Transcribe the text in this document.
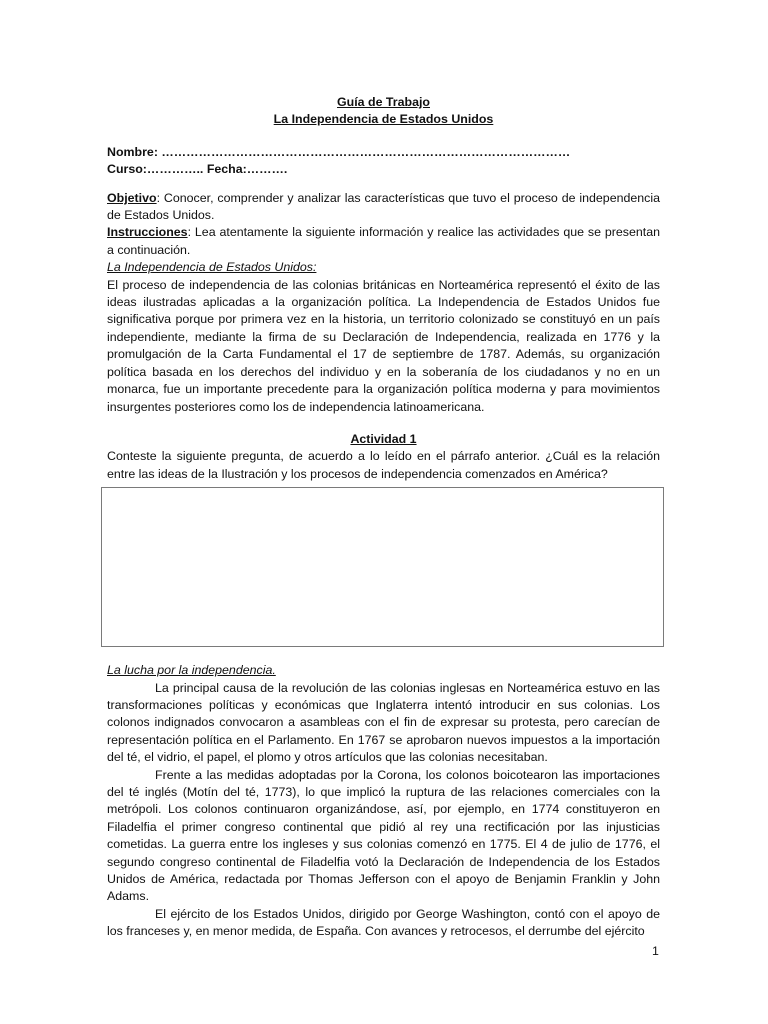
Guía de Trabajo

La Independencia de Estados Unidos

Nombre: ……………………………………………………………………………………… Curso:………….. Fecha:……….

Objetivo: Conocer, comprender y analizar las características que tuvo el proceso de independencia de Estados Unidos.

Instrucciones: Lea atentamente la siguiente información y realice las actividades que se presentan a continuación.

La Independencia de Estados Unidos:

El proceso de independencia de las colonias británicas en Norteamérica representó el éxito de las ideas ilustradas aplicadas a la organización política. La Independencia de Estados Unidos fue significativa porque por primera vez en la historia, un territorio colonizado se constituyó en un país independiente, mediante la firma de su Declaración de Independencia, realizada en 1776 y la promulgación de la Carta Fundamental el 17 de septiembre de 1787. Además, su organización política basada en los derechos del individuo y en la soberanía de los ciudadanos y no en un monarca, fue un importante precedente para la organización política moderna y para movimientos insurgentes posteriores como los de independencia latinoamericana.

Actividad 1

Conteste la siguiente pregunta, de acuerdo a lo leído en el párrafo anterior. ¿Cuál es la relación entre las ideas de la Ilustración y los procesos de independencia comenzados en América?

La lucha por la independencia.

La principal causa de la revolución de las colonias inglesas en Norteamérica estuvo en las transformaciones políticas y económicas que Inglaterra intentó introducir en sus colonias. Los colonos indignados convocaron a asambleas con el fin de expresar su protesta, pero carecían de representación política en el Parlamento. En 1767 se aprobaron nuevos impuestos a la importación del té, el vidrio, el papel, el plomo y otros artículos que las colonias necesitaban.

Frente a las medidas adoptadas por la Corona, los colonos boicotearon las importaciones del té inglés (Motín del té, 1773), lo que implicó la ruptura de las relaciones comerciales con la metrópoli. Los colonos continuaron organizándose, así, por ejemplo, en 1774 constituyeron en Filadelfia el primer congreso continental que pidió al rey una rectificación por las injusticias cometidas. La guerra entre los ingleses y sus colonias comenzó en 1775. El 4 de julio de 1776, el segundo congreso continental de Filadelfia votó la Declaración de Independencia de los Estados Unidos de América, redactada por Thomas Jefferson con el apoyo de Benjamin Franklin y John Adams.

El ejército de los Estados Unidos, dirigido por George Washington, contó con el apoyo de los franceses y, en menor medida, de España. Con avances y retrocesos, el derrumbe del ejército

1
